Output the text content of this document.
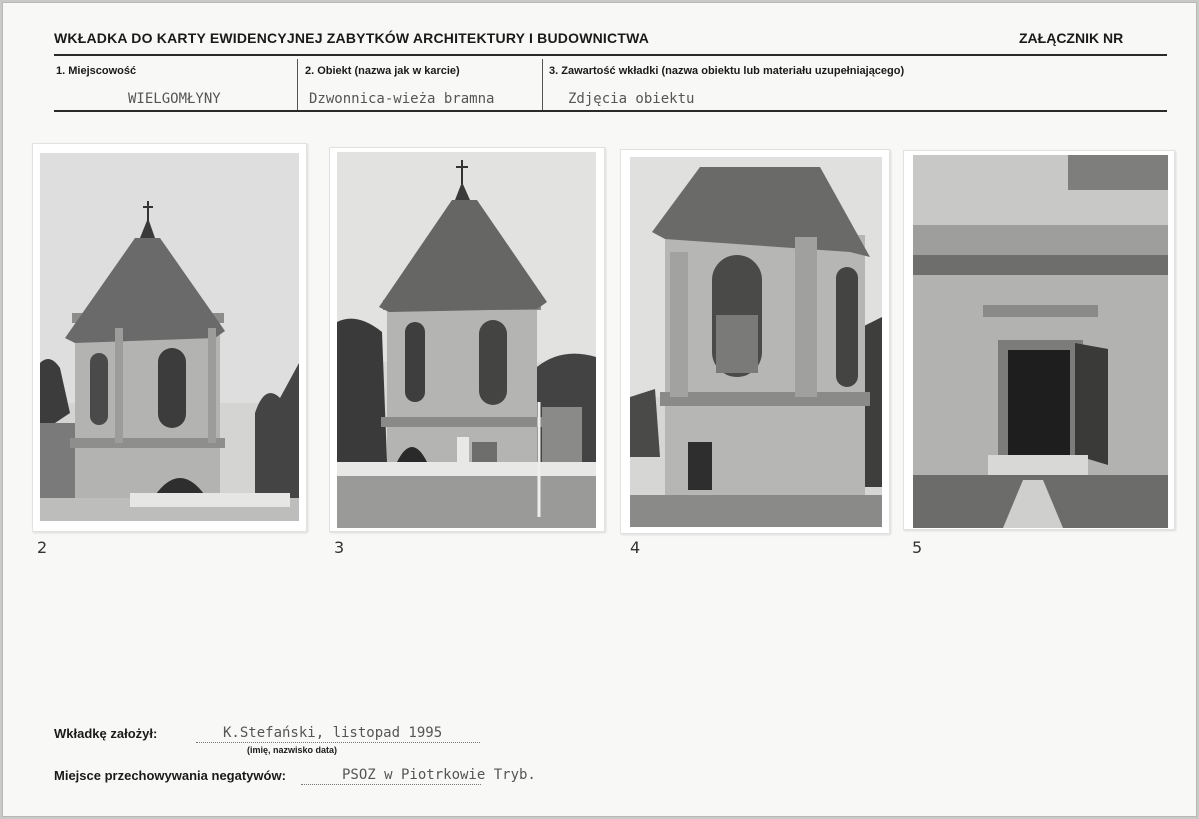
WKŁADKA DO KARTY EWIDENCYJNEJ ZABYTKÓW ARCHITEKTURY I BUDOWNICTWA	ZAŁĄCZNIK NR
1. Miejscowość
WIELGOMŁYNY
2. Obiekt (nazwa jak w karcie)
Dzwonnica-wieża bramna
3. Zawartość wkładki (nazwa obiektu lub materiału uzupełniającego)
Zdjęcia obiektu
2	3	4	5
Wkładkę założył:	K.Stefański, listopad 1995
(imię, nazwisko data)
Miejsce przechowywania negatywów:	PSOZ w Piotrkowie Tryb.
